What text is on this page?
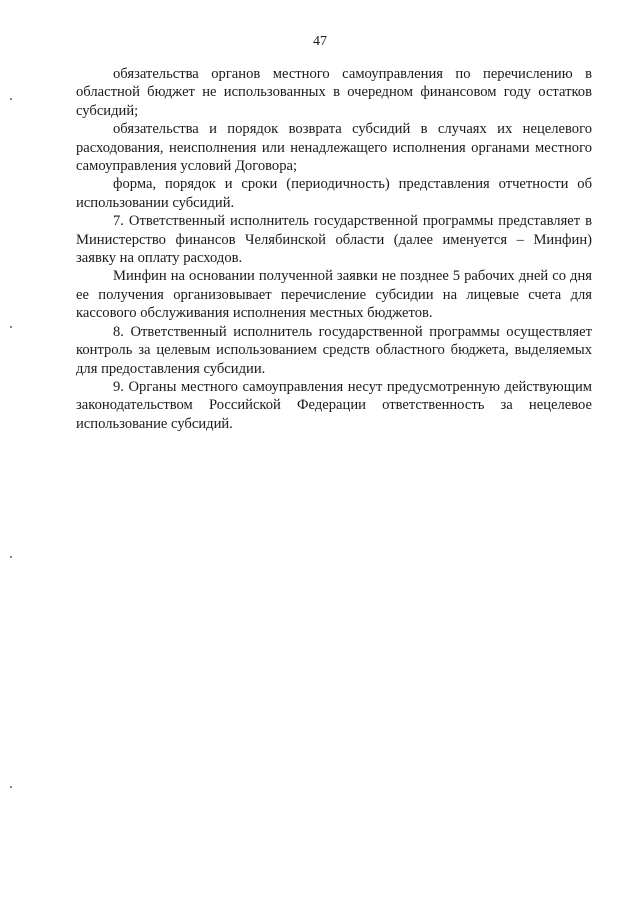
47

обязательства органов местного самоуправления по перечислению в областной бюджет не использованных в очередном финансовом году остатков субсидий;

обязательства и порядок возврата субсидий в случаях их нецелевого расходования, неисполнения или ненадлежащего исполнения органами местного самоуправления условий Договора;

форма, порядок и сроки (периодичность) представления отчетности об использовании субсидий.

7. Ответственный исполнитель государственной программы представляет в Министерство финансов Челябинской области (далее именуется – Минфин) заявку на оплату расходов.

Минфин на основании полученной заявки не позднее 5 рабочих дней со дня ее получения организовывает перечисление субсидии на лицевые счета для кассового обслуживания исполнения местных бюджетов.

8. Ответственный исполнитель государственной программы осуществляет контроль за целевым использованием средств областного бюджета, выделяемых для предоставления субсидии.

9. Органы местного самоуправления несут предусмотренную действующим законодательством Российской Федерации ответственность за нецелевое использование субсидий.
